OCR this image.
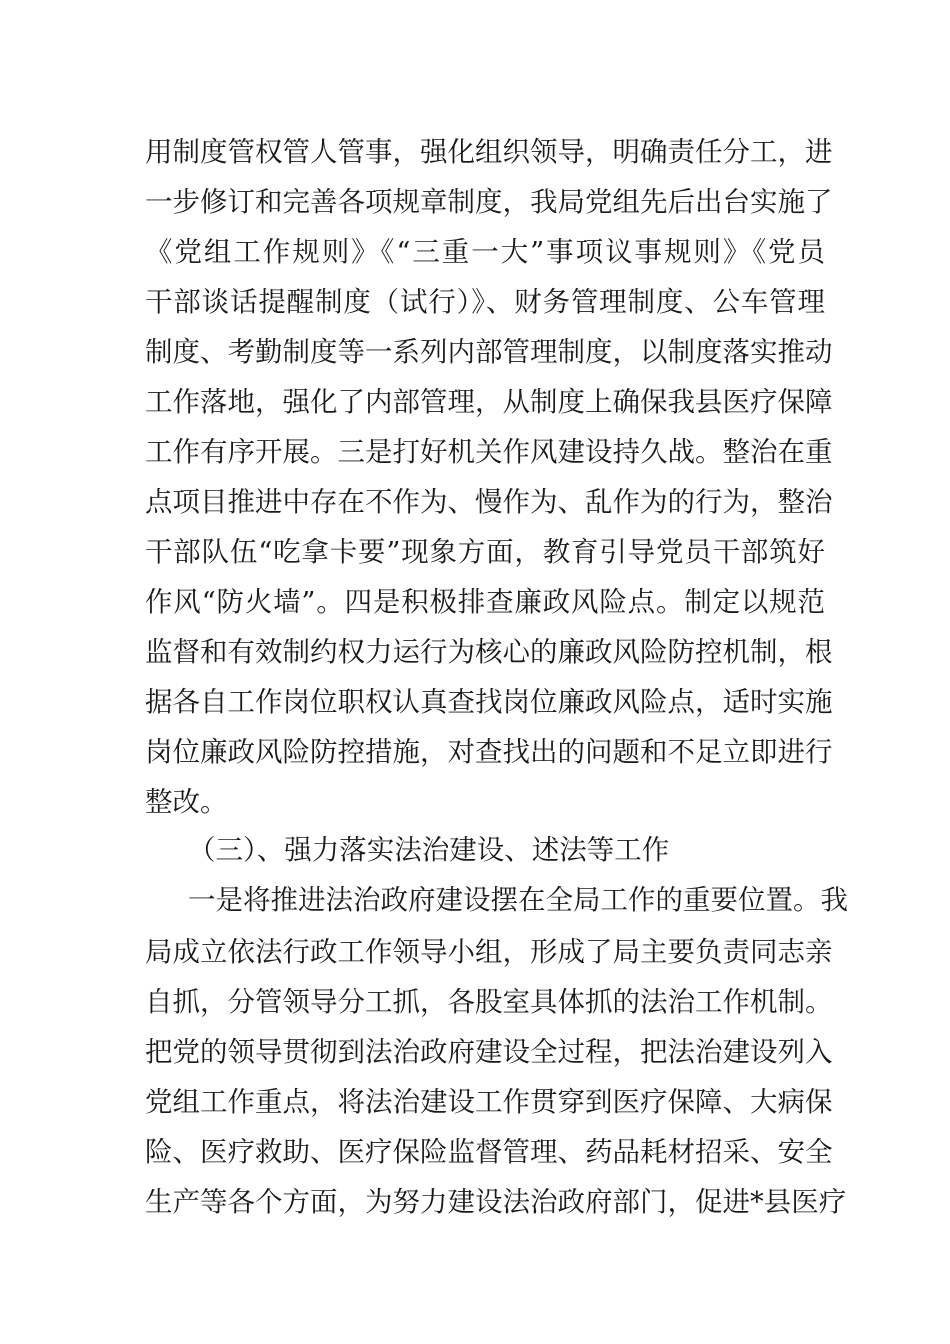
用制度管权管人管事，强化组织领导，明确责任分工，进
一步修订和完善各项规章制度，我局党组先后出台实施了
《党组工作规则》《“三重一大”事项议事规则》《党员
干部谈话提醒制度（试行）》、财务管理制度、公车管理
制度、考勤制度等一系列内部管理制度，以制度落实推动
工作落地，强化了内部管理，从制度上确保我县医疗保障
工作有序开展。三是打好机关作风建设持久战。整治在重
点项目推进中存在不作为、慢作为、乱作为的行为，整治
干部队伍“吃拿卡要”现象方面，教育引导党员干部筑好
作风“防火墙”。四是积极排查廉政风险点。制定以规范
监督和有效制约权力运行为核心的廉政风险防控机制，根
据各自工作岗位职权认真查找岗位廉政风险点，适时实施
岗位廉政风险防控措施，对查找出的问题和不足立即进行
整改。
（三）、强力落实法治建设、述法等工作
一是将推进法治政府建设摆在全局工作的重要位置。我
局成立依法行政工作领导小组，形成了局主要负责同志亲
自抓，分管领导分工抓，各股室具体抓的法治工作机制。
把党的领导贯彻到法治政府建设全过程，把法治建设列入
党组工作重点，将法治建设工作贯穿到医疗保障、大病保
险、医疗救助、医疗保险监督管理、药品耗材招采、安全
生产等各个方面，为努力建设法治政府部门，促进*县医疗
